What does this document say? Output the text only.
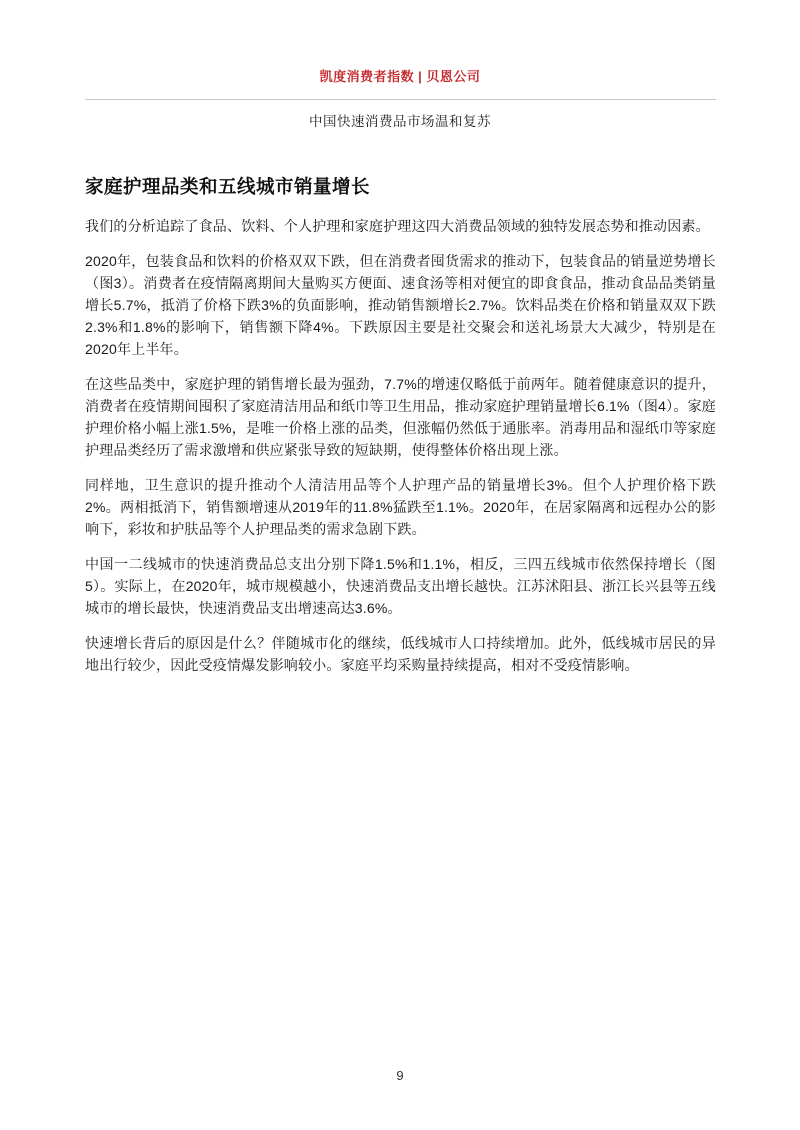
凯度消费者指数 | 贝恩公司
中国快速消费品市场温和复苏
家庭护理品类和五线城市销量增长

我们的分析追踪了食品、饮料、个人护理和家庭护理这四大消费品领域的独特发展态势和推动因素。

2020年，包装食品和饮料的价格双双下跌，但在消费者囤货需求的推动下，包装食品的销量逆势增长（图3）。消费者在疫情隔离期间大量购买方便面、速食汤等相对便宜的即食食品，推动食品品类销量增长5.7%，抵消了价格下跌3%的负面影响，推动销售额增长2.7%。饮料品类在价格和销量双双下跌2.3%和1.8%的影响下，销售额下降4%。下跌原因主要是社交聚会和送礼场景大大减少，特别是在2020年上半年。

在这些品类中，家庭护理的销售增长最为强劲，7.7%的增速仅略低于前两年。随着健康意识的提升，消费者在疫情期间囤积了家庭清洁用品和纸巾等卫生用品，推动家庭护理销量增长6.1%（图4）。家庭护理价格小幅上涨1.5%，是唯一价格上涨的品类，但涨幅仍然低于通胀率。消毒用品和湿纸巾等家庭护理品类经历了需求激增和供应紧张导致的短缺期，使得整体价格出现上涨。

同样地，卫生意识的提升推动个人清洁用品等个人护理产品的销量增长3%。但个人护理价格下跌2%。两相抵消下，销售额增速从2019年的11.8%猛跌至1.1%。2020年，在居家隔离和远程办公的影响下，彩妆和护肤品等个人护理品类的需求急剧下跌。

中国一二线城市的快速消费品总支出分别下降1.5%和1.1%，相反，三四五线城市依然保持增长（图5）。实际上，在2020年，城市规模越小，快速消费品支出增长越快。江苏沭阳县、浙江长兴县等五线城市的增长最快，快速消费品支出增速高达3.6%。

快速增长背后的原因是什么？伴随城市化的继续，低线城市人口持续增加。此外，低线城市居民的异地出行较少，因此受疫情爆发影响较小。家庭平均采购量持续提高，相对不受疫情影响。

9
